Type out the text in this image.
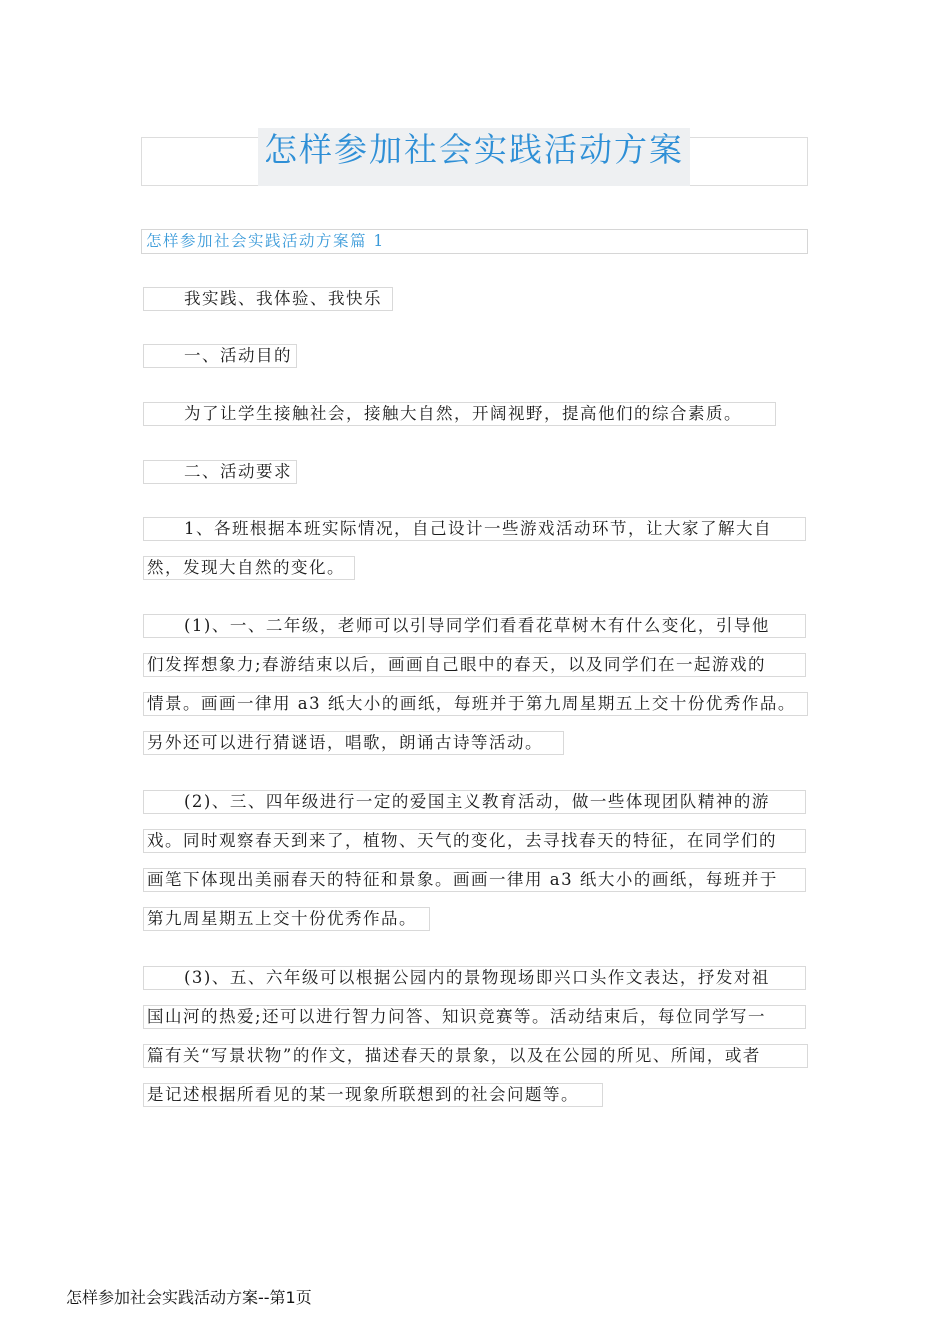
怎样参加社会实践活动方案
怎样参加社会实践活动方案篇 1
我实践、我体验、我快乐
一、活动目的
为了让学生接触社会，接触大自然，开阔视野，提高他们的综合素质。
二、活动要求
1、各班根据本班实际情况，自己设计一些游戏活动环节，让大家了解大自
然，发现大自然的变化。
(1)、一、二年级，老师可以引导同学们看看花草树木有什么变化，引导他
们发挥想象力;春游结束以后，画画自己眼中的春天，以及同学们在一起游戏的
情景。画画一律用 a3 纸大小的画纸，每班并于第九周星期五上交十份优秀作品。
另外还可以进行猜谜语，唱歌，朗诵古诗等活动。
(2)、三、四年级进行一定的爱国主义教育活动，做一些体现团队精神的游
戏。同时观察春天到来了，植物、天气的变化，去寻找春天的特征，在同学们的
画笔下体现出美丽春天的特征和景象。画画一律用 a3 纸大小的画纸，每班并于
第九周星期五上交十份优秀作品。
(3)、五、六年级可以根据公园内的景物现场即兴口头作文表达，抒发对祖
国山河的热爱;还可以进行智力问答、知识竞赛等。活动结束后，每位同学写一
篇有关“写景状物”的作文，描述春天的景象，以及在公园的所见、所闻，或者
是记述根据所看见的某一现象所联想到的社会问题等。
怎样参加社会实践活动方案--第1页
